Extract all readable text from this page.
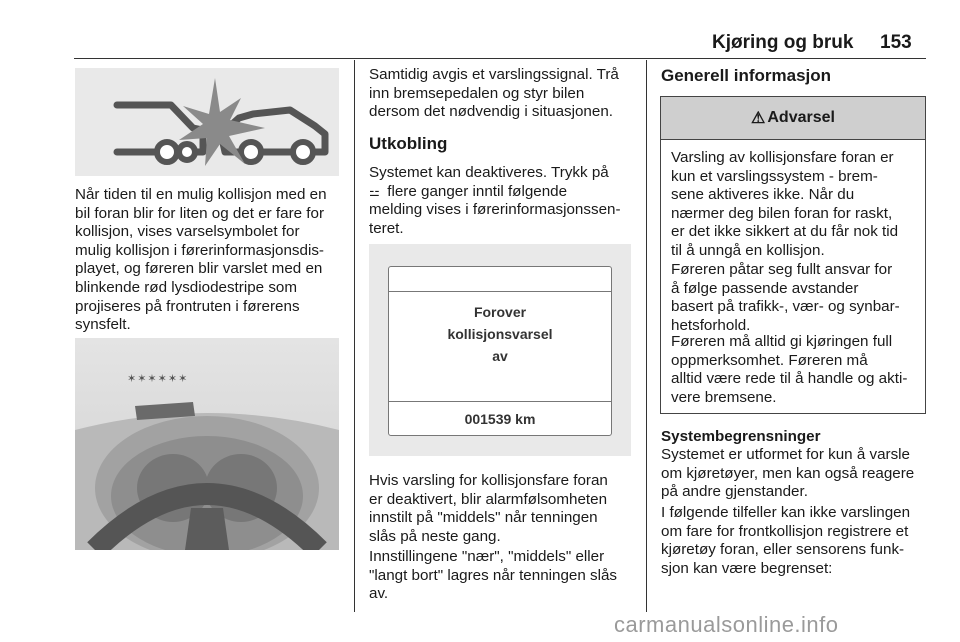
Kjøring og bruk 153

Når tiden til en mulig kollisjon med en
bil foran blir for liten og det er fare for
kollisjon, vises varselsymbolet for
mulig kollisjon i førerinformasjonsdis-
playet, og føreren blir varslet med en
blinkende rød lysdiodestripe som
projiseres på frontruten i førerens
synsfelt.

✶✶✶✶✶✶

Samtidig avgis et varslingssignal. Trå
inn bremsepedalen og styr bilen
dersom det nødvendig i situasjonen.

Utkobling

Systemet kan deaktiveres. Trykk på
⚍ flere ganger inntil følgende
melding vises i førerinformasjonssen-
teret.

Forover
kollisjonsvarsel
av
001539 km

Hvis varsling for kollisjonsfare foran
er deaktivert, blir alarmfølsomheten
innstilt på "middels" når tenningen
slås på neste gang.

Innstillingene "nær", "middels" eller
"langt bort" lagres når tenningen slås
av.

Generell informasjon
⚠ Advarsel

Varsling av kollisjonsfare foran er
kun et varslingssystem - brem-
sene aktiveres ikke. Når du
nærmer deg bilen foran for raskt,
er det ikke sikkert at du får nok tid
til å unngå en kollisjon.

Føreren påtar seg fullt ansvar for
å følge passende avstander
basert på trafikk-, vær- og synbar-
hetsforhold.

Føreren må alltid gi kjøringen full
oppmerksomhet. Føreren må
alltid være rede til å handle og akti-
vere bremsene.

Systembegrensninger

Systemet er utformet for kun å varsle
om kjøretøyer, men kan også reagere
på andre gjenstander.

I følgende tilfeller kan ikke varslingen
om fare for frontkollisjon registrere et
kjøretøy foran, eller sensorens funk-
sjon kan være begrenset:

carmanualsonline.info
